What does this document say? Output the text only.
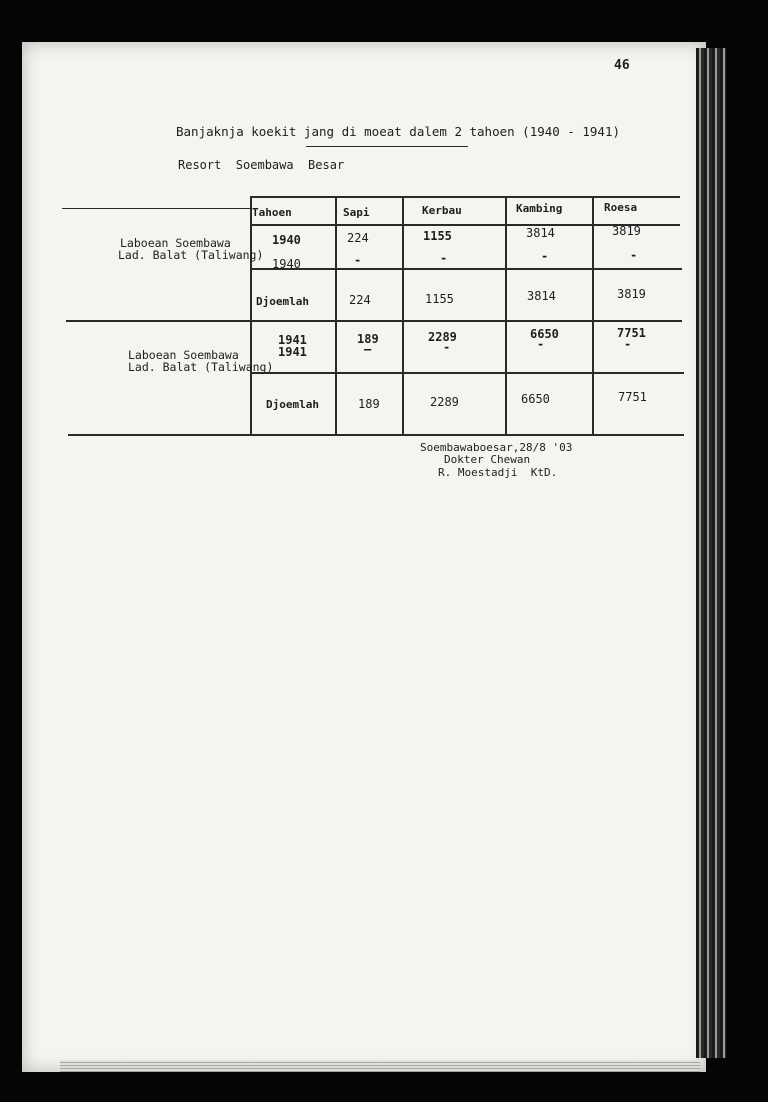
46
Banjaknja koekit jang di moeat dalem 2 tahoen (1940 - 1941)
Resort  Soembawa  Besar
Tahoen	Sapi	Kerbau	Kambing	Roesa
Laboean Soembawa
Lad. Balat (Taliwang)
1940	224	1155	3814	3819
1940	-	-	-	-
Djoemlah	224	1155	3814	3819
Laboean Soembawa
Lad. Balat (Taliwang)
1941	189	2289	6650	7751
1941	—	-	-	-
Djoemlah	189	2289	6650	7751
Soembawaboesar,28/8 '03
Dokter Chewan
R. Moestadji  KtD.
